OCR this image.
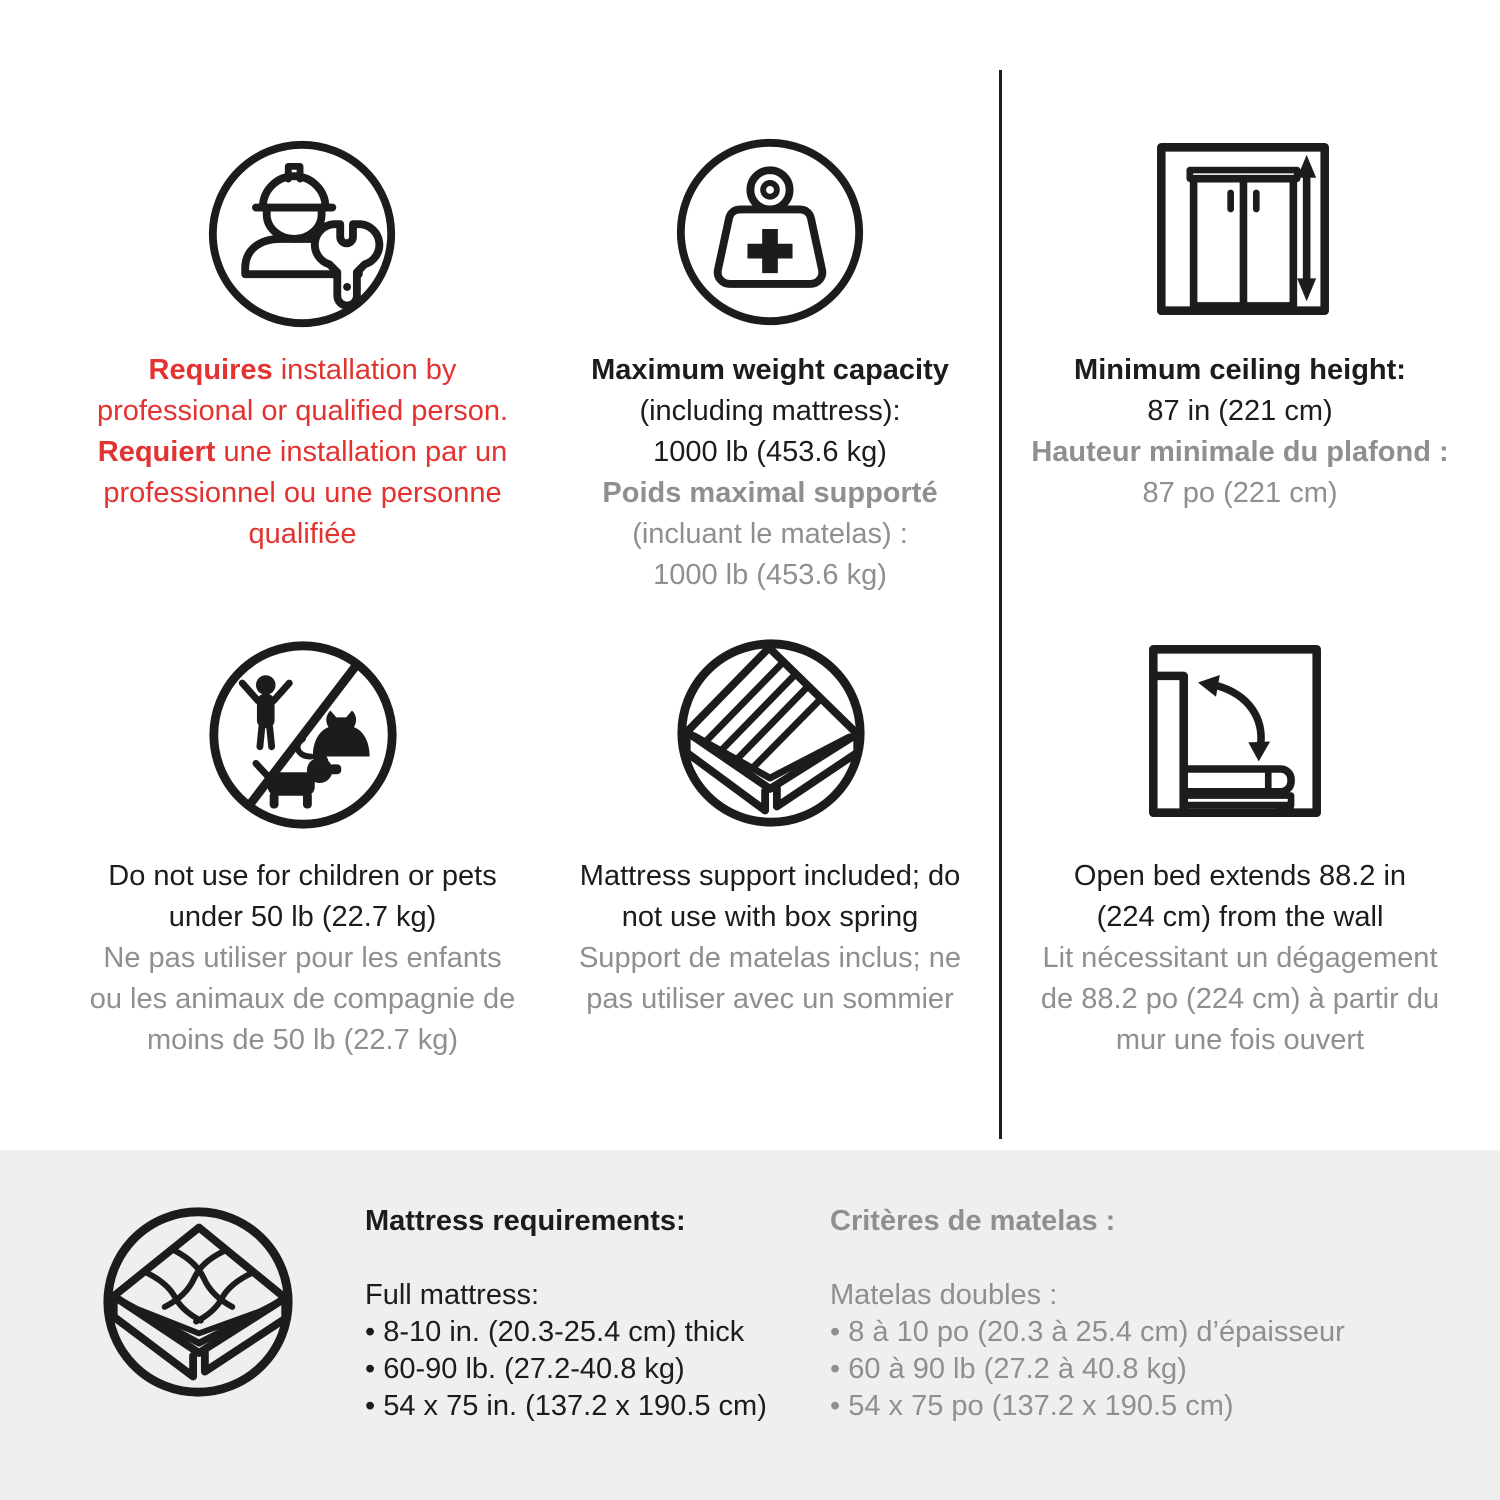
Requires installation by
professional or qualified person.
Requiert une installation par un
professionnel ou une personne
qualifiée
Maximum weight capacity
(including mattress):
1000 lb (453.6 kg)
Poids maximal supporté
(incluant le matelas) :
1000 lb (453.6 kg)
Minimum ceiling height:
87 in (221 cm)
Hauteur minimale du plafond :
87 po (221 cm)
Do not use for children or pets
under 50 lb (22.7 kg)
Ne pas utiliser pour les enfants
ou les animaux de compagnie de
moins de 50 lb (22.7 kg)
Mattress support included; do
not use with box spring
Support de matelas inclus; ne
pas utiliser avec un sommier
Open bed extends 88.2 in
(224 cm) from the wall
Lit nécessitant un dégagement
de 88.2 po (224 cm) à partir du
mur une fois ouvert
Mattress requirements:
Full mattress:
• 8-10 in. (20.3-25.4 cm) thick
• 60-90 lb. (27.2-40.8 kg)
• 54 x 75 in. (137.2 x 190.5 cm)
Critères de matelas :
Matelas doubles :
• 8 à 10 po (20.3 à 25.4 cm) d’épaisseur
• 60 à 90 lb (27.2 à 40.8 kg)
• 54 x 75 po (137.2 x 190.5 cm)
